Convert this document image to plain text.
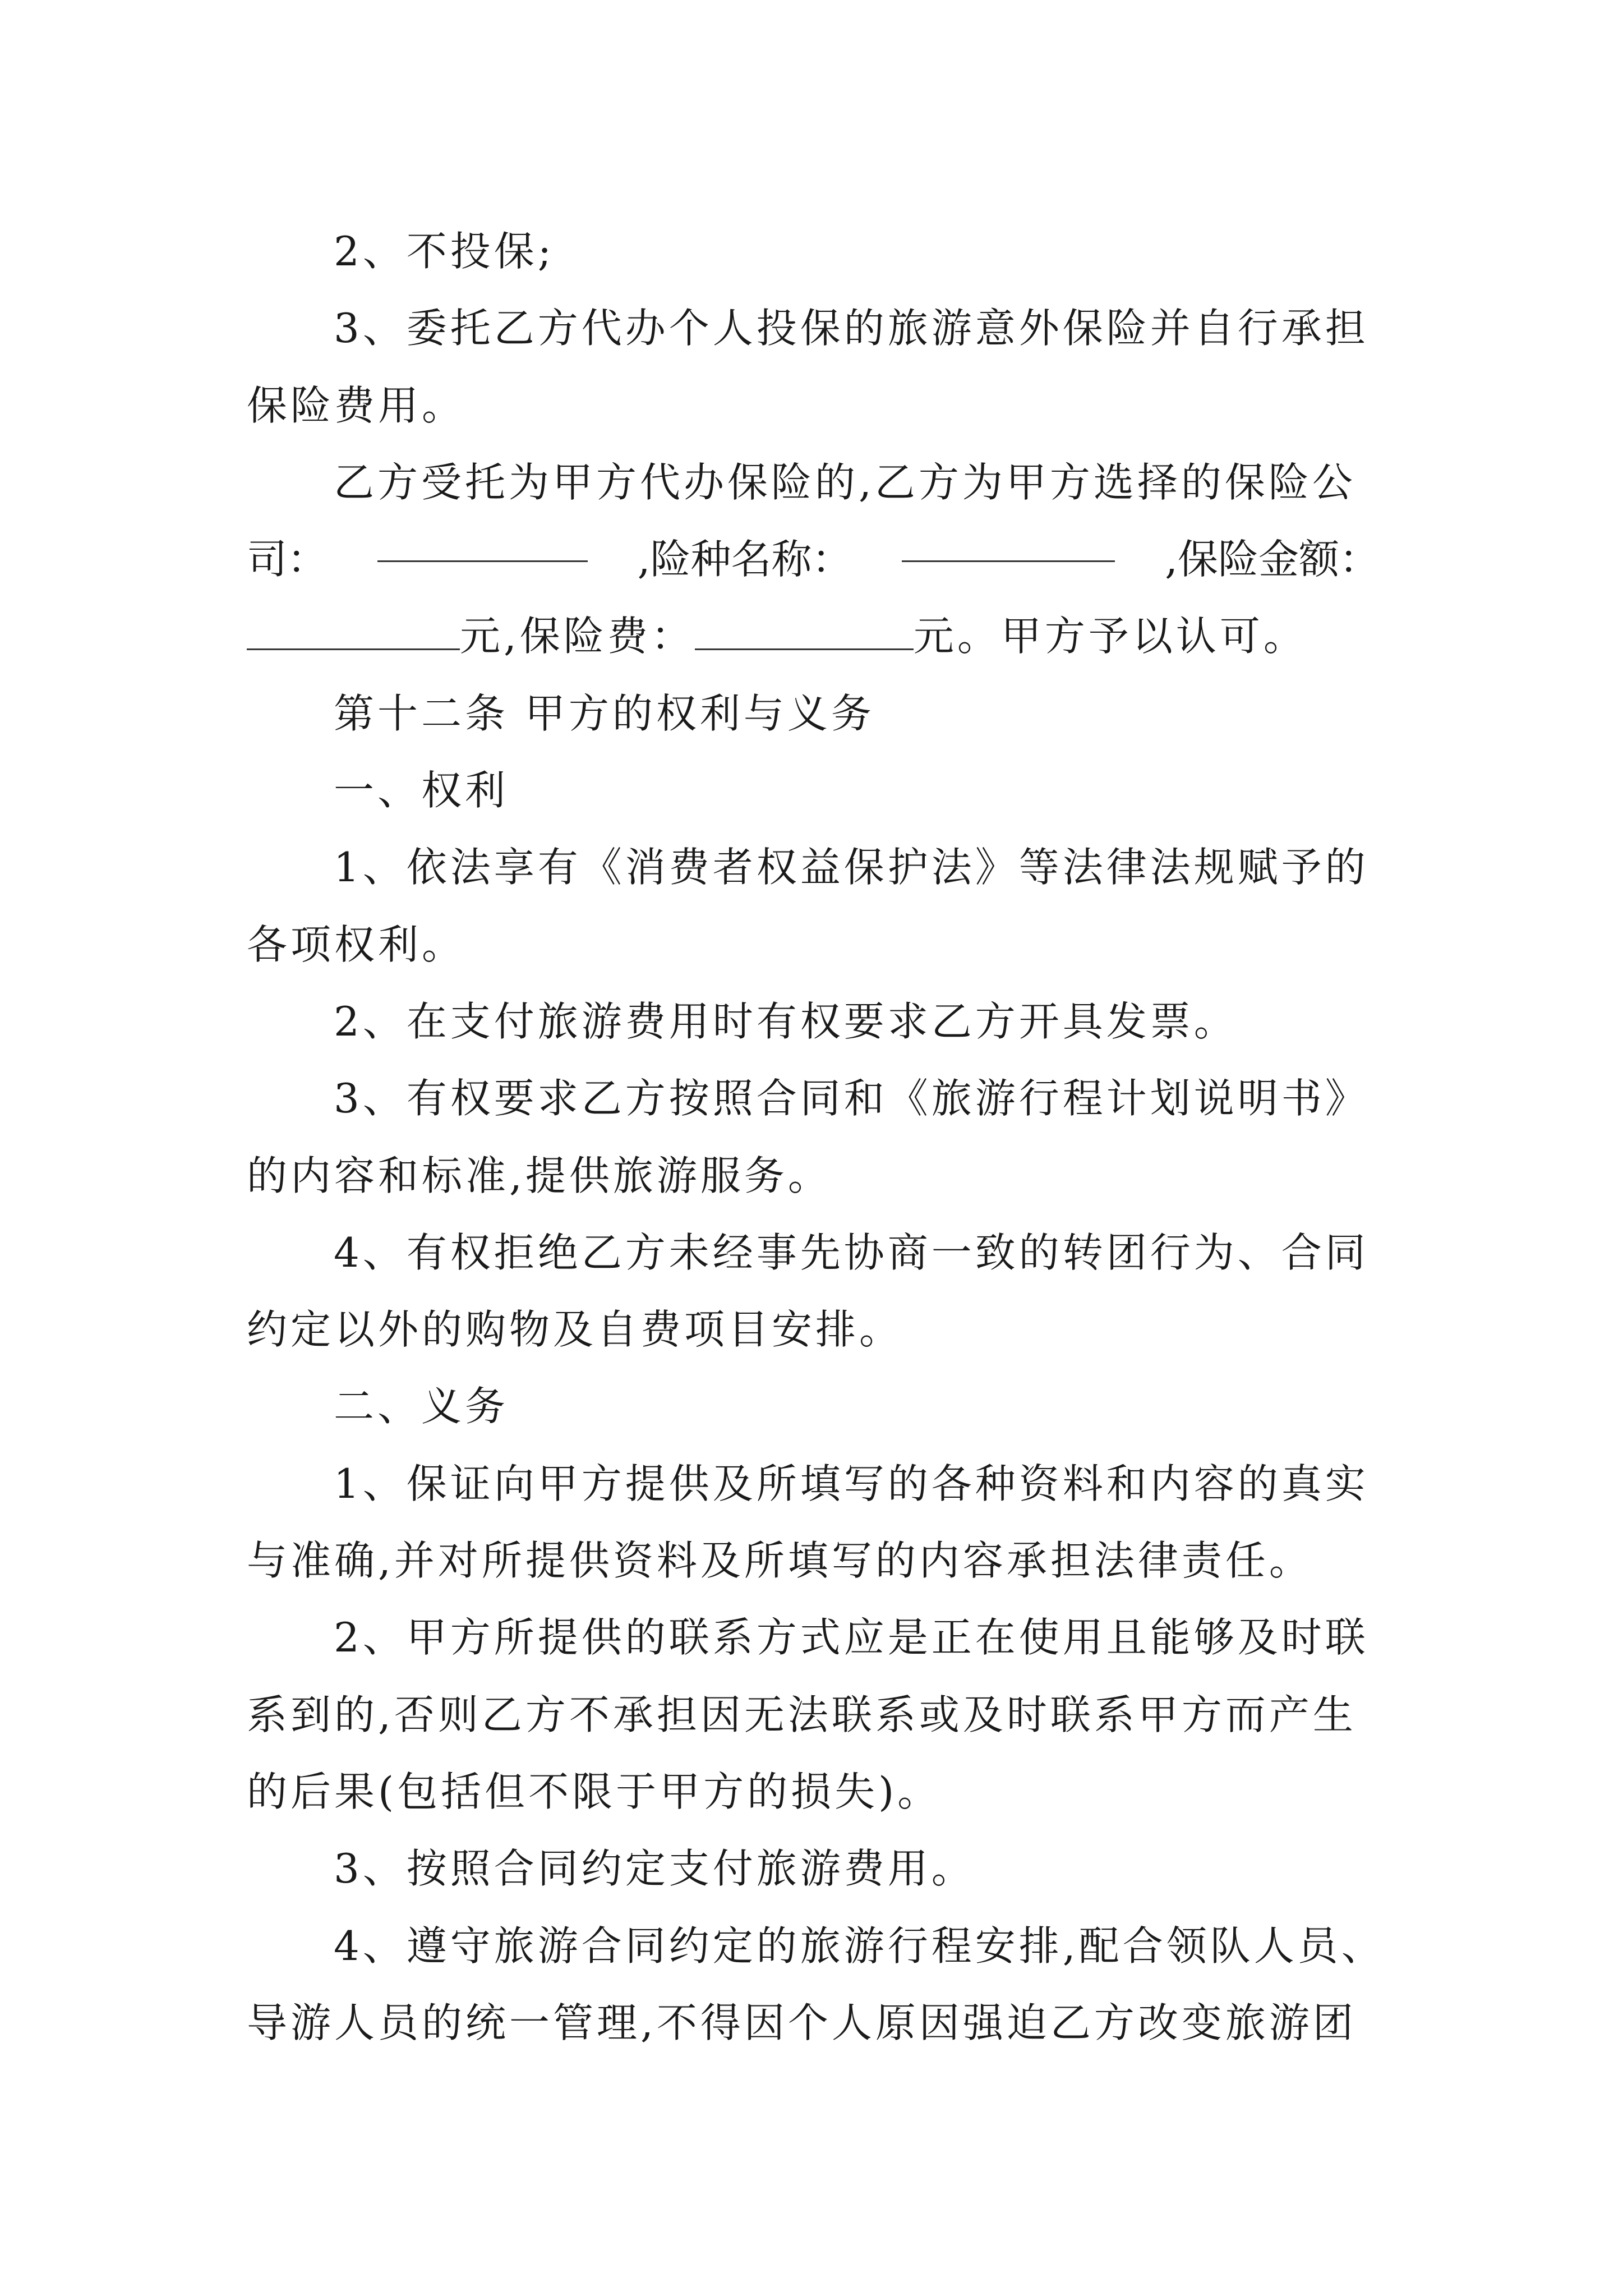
2、不投保;
3、委托乙方代办个人投保的旅游意外保险并自行承担
保险费用。
乙方受托为甲方代办保险的,乙方为甲方选择的保险公
司：	,险种名称：	,保险金额：
元,保险费：	元。甲方予以认可。
第十二条 甲方的权利与义务
一、权利
1、依法享有《消费者权益保护法》等法律法规赋予的
各项权利。
2、在支付旅游费用时有权要求乙方开具发票。
3、有权要求乙方按照合同和《旅游行程计划说明书》
的内容和标准,提供旅游服务。
4、有权拒绝乙方未经事先协商一致的转团行为、合同
约定以外的购物及自费项目安排。
二、义务
1、保证向甲方提供及所填写的各种资料和内容的真实
与准确,并对所提供资料及所填写的内容承担法律责任。
2、甲方所提供的联系方式应是正在使用且能够及时联
系到的,否则乙方不承担因无法联系或及时联系甲方而产生
的后果(包括但不限于甲方的损失)。
3、按照合同约定支付旅游费用。
4、遵守旅游合同约定的旅游行程安排,配合领队人员、
导游人员的统一管理,不得因个人原因强迫乙方改变旅游团
